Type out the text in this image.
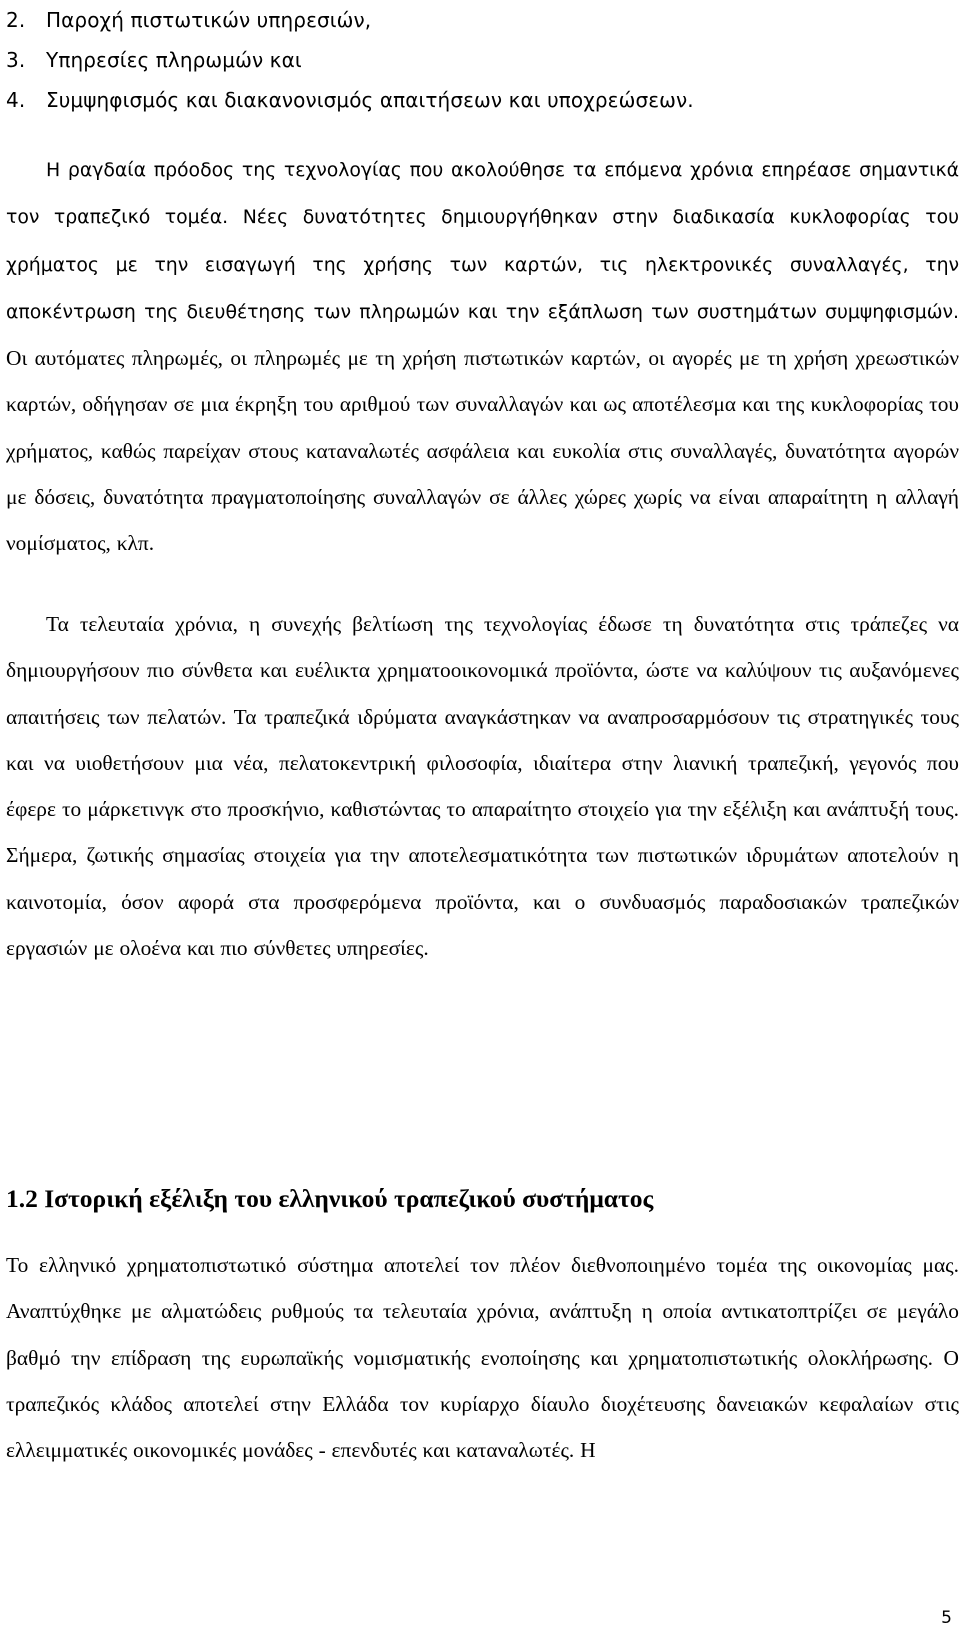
2. Παροχή πιστωτικών υπηρεσιών,
3. Υπηρεσίες πληρωμών και
4. Συμψηφισμός και διακανονισμός απαιτήσεων και υποχρεώσεων.

Η ραγδαία πρόοδος της τεχνολογίας που ακολούθησε τα επόμενα χρόνια επηρέασε σημαντικά τον τραπεζικό τομέα. Νέες δυνατότητες δημιουργήθηκαν στην διαδικασία κυκλοφορίας του χρήματος με την εισαγωγή της χρήσης των καρτών, τις ηλεκτρονικές συναλλαγές, την αποκέντρωση της διευθέτησης των πληρωμών και την εξάπλωση των συστημάτων συμψηφισμών. Οι αυτόματες πληρωμές, οι πληρωμές με τη χρήση πιστωτικών καρτών, οι αγορές με τη χρήση χρεωστικών καρτών, οδήγησαν σε μια έκρηξη του αριθμού των συναλλαγών και ως αποτέλεσμα και της κυκλοφορίας του χρήματος, καθώς παρείχαν στους καταναλωτές ασφάλεια και ευκολία στις συναλλαγές, δυνατότητα αγορών με δόσεις, δυνατότητα πραγματοποίησης συναλλαγών σε άλλες χώρες χωρίς να είναι απαραίτητη η αλλαγή νομίσματος, κλπ.

Τα τελευταία χρόνια, η συνεχής βελτίωση της τεχνολογίας έδωσε τη δυνατότητα στις τράπεζες να δημιουργήσουν πιο σύνθετα και ευέλικτα χρηματοοικονομικά προϊόντα, ώστε να καλύψουν τις αυξανόμενες απαιτήσεις των πελατών. Τα τραπεζικά ιδρύματα αναγκάστηκαν να αναπροσαρμόσουν τις στρατηγικές τους και να υιοθετήσουν μια νέα, πελατοκεντρική φιλοσοφία, ιδιαίτερα στην λιανική τραπεζική, γεγονός που έφερε το μάρκετινγκ στο προσκήνιο, καθιστώντας το απαραίτητο στοιχείο για την εξέλιξη και ανάπτυξή τους. Σήμερα, ζωτικής σημασίας στοιχεία για την αποτελεσματικότητα των πιστωτικών ιδρυμάτων αποτελούν η καινοτομία, όσον αφορά στα προσφερόμενα προϊόντα, και ο συνδυασμός παραδοσιακών τραπεζικών εργασιών με ολοένα και πιο σύνθετες υπηρεσίες.

1.2 Ιστορική εξέλιξη του ελληνικού τραπεζικού συστήματος

Το ελληνικό χρηματοπιστωτικό σύστημα αποτελεί τον πλέον διεθνοποιημένο τομέα της οικονομίας μας. Αναπτύχθηκε με αλματώδεις ρυθμούς τα τελευταία χρόνια, ανάπτυξη η οποία αντικατοπτρίζει σε μεγάλο βαθμό την επίδραση της ευρωπαϊκής νομισματικής ενοποίησης και χρηματοπιστωτικής ολοκλήρωσης. Ο τραπεζικός κλάδος αποτελεί στην Ελλάδα τον κυρίαρχο δίαυλο διοχέτευσης δανειακών κεφαλαίων στις ελλειμματικές οικονομικές μονάδες - επενδυτές και καταναλωτές. Η

5
